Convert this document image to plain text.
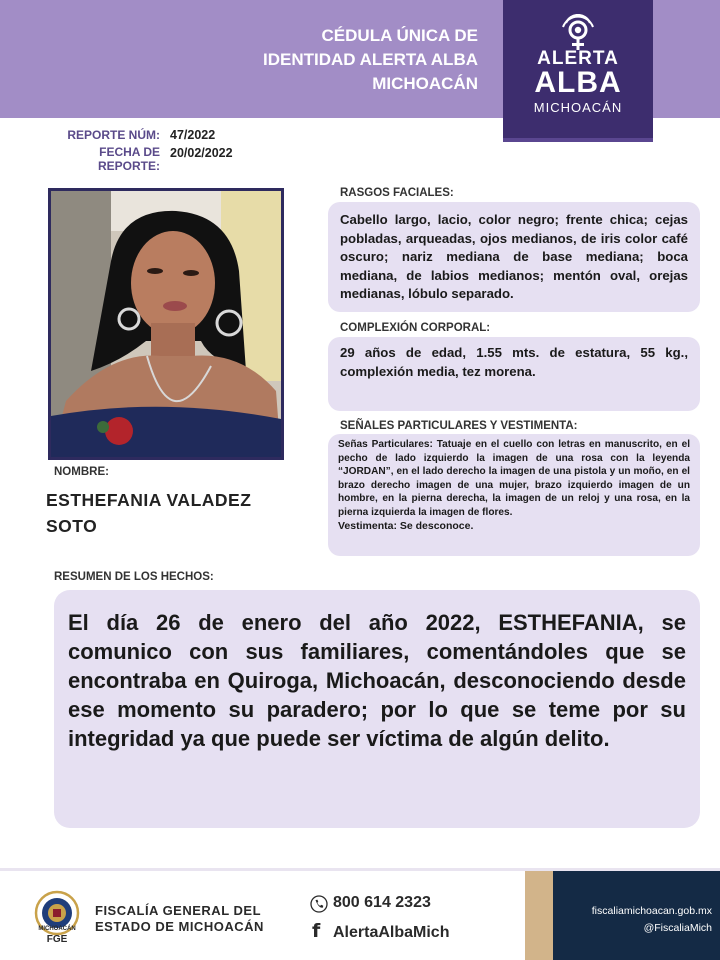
CÉDULA ÚNICA DE
IDENTIDAD ALERTA ALBA
MICHOACÁN
ALERTA
ALBA
MICHOACÁN
REPORTE NÚM: 47/2022
FECHA DE REPORTE:
20/02/2022
NOMBRE:
ESTHEFANIA VALADEZ
SOTO
RASGOS FACIALES:
Cabello largo, lacio, color negro; frente chica; cejas pobladas, arqueadas, ojos medianos, de iris color café oscuro; nariz mediana de base mediana; boca mediana, de labios medianos; mentón oval, orejas medianas, lóbulo separado.
COMPLEXIÓN CORPORAL:
29 años de edad, 1.55 mts. de estatura, 55 kg., complexión media, tez morena.
SEÑALES PARTICULARES Y VESTIMENTA:
Señas Particulares: Tatuaje en el cuello con letras en manuscrito, en el pecho de lado izquierdo la imagen de una rosa con la leyenda “JORDAN”, en el lado derecho la imagen de una pistola y un moño, en el brazo derecho imagen de una mujer, brazo izquierdo imagen de un hombre, en la pierna derecha, la imagen de un reloj y una rosa, en la pierna izquierda la imagen de flores.
Vestimenta: Se desconoce.
RESUMEN DE LOS HECHOS:
El día 26 de enero del año 2022, ESTHEFANIA, se comunico con sus familiares, comentándoles que se encontraba en Quiroga, Michoacán, desconociendo desde ese momento su paradero; por lo que se teme por su integridad ya que puede ser víctima de algún delito.
MICHOACÁN
FGE
FISCALÍA GENERAL DEL
ESTADO DE MICHOACÁN
800 614 2323
f AlertaAlbaMich
fiscaliamichoacan.gob.mx
@FiscaliaMich
